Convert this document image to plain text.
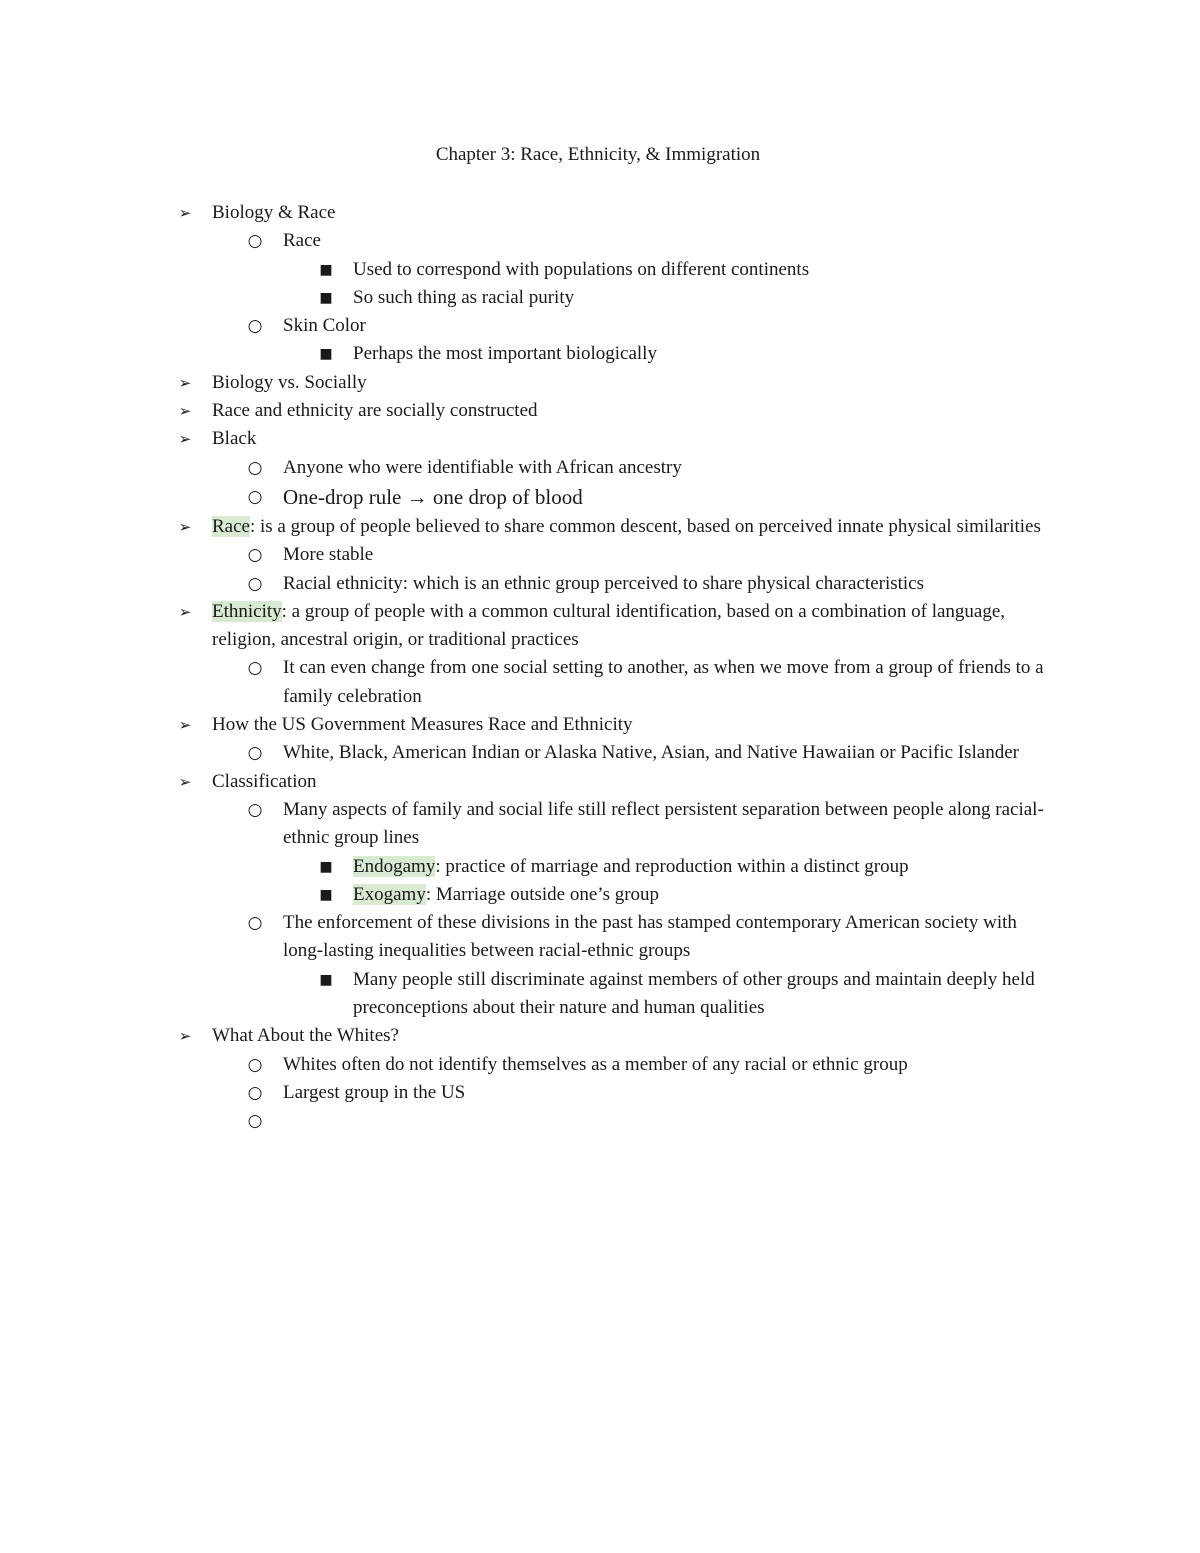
Chapter 3: Race, Ethnicity, & Immigration
➢	Biology & Race
○	Race
■	Used to correspond with populations on different continents
■	So such thing as racial purity
○	Skin Color
■	Perhaps the most important biologically
➢	Biology vs. Socially
➢	Race and ethnicity are socially constructed
➢	Black
○	Anyone who were identifiable with African ancestry
○ One-drop rule → one drop of blood
➢	Race: is a group of people believed to share common descent, based on perceived innate physical similarities
○	More stable
○	Racial ethnicity: which is an ethnic group perceived to share physical characteristics
➢	Ethnicity: a group of people with a common cultural identification, based on a combination of language, religion, ancestral origin, or traditional practices
○	It can even change from one social setting to another, as when we move from a group of friends to a family celebration
➢	How the US Government Measures Race and Ethnicity
○	White, Black, American Indian or Alaska Native, Asian, and Native Hawaiian or Pacific Islander
➢	Classification
○	Many aspects of family and social life still reflect persistent separation between people along racial-ethnic group lines
■	Endogamy: practice of marriage and reproduction within a distinct group
■	Exogamy: Marriage outside one’s group
○	The enforcement of these divisions in the past has stamped contemporary American society with long-lasting inequalities between racial-ethnic groups
■	Many people still discriminate against members of other groups and maintain deeply held preconceptions about their nature and human qualities
➢	What About the Whites?
○	Whites often do not identify themselves as a member of any racial or ethnic group
○	Largest group in the US
○
